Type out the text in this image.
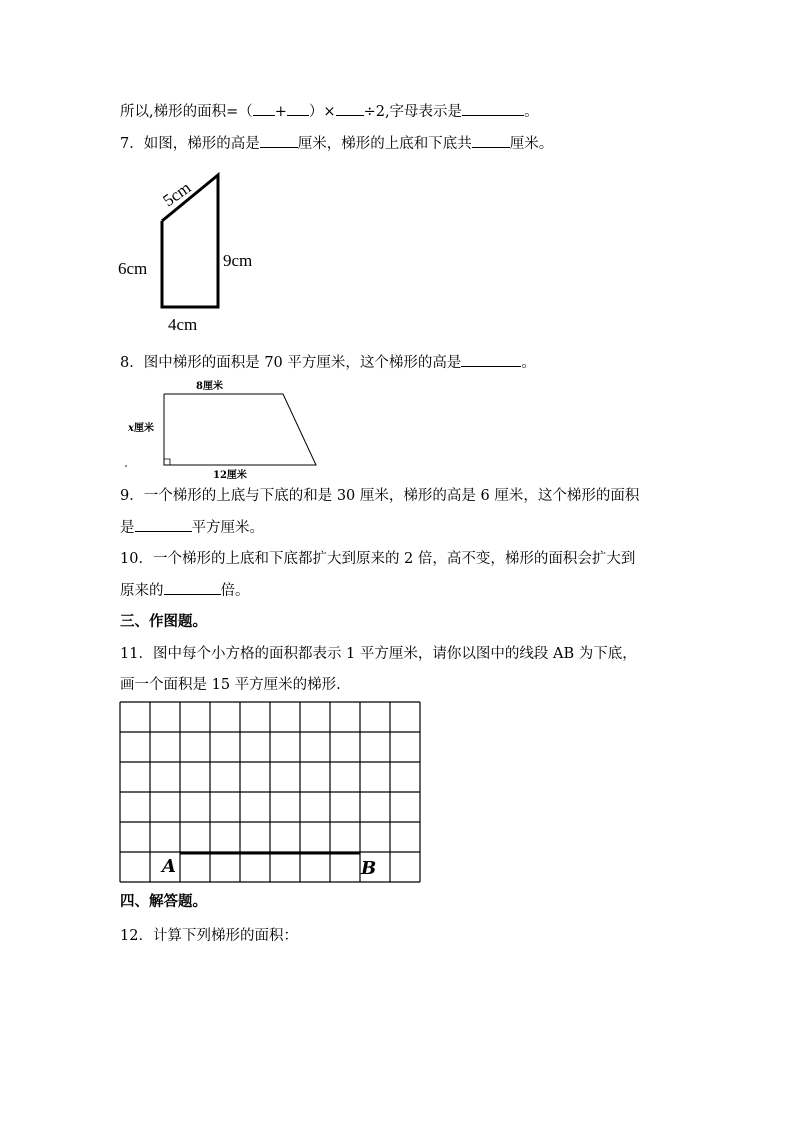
所以,梯形的面积=（ + ）× ÷2,字母表示是	。
7．如图，梯形的高是	厘米，梯形的上底和下底共	厘米。
5cm
6cm	9cm
4cm
8．图中梯形的面积是 70 平方厘米，这个梯形的高是	。
8厘米
x厘米
12厘米
9．一个梯形的上底与下底的和是 30 厘米，梯形的高是 6 厘米，这个梯形的面积
是	平方厘米。
10．一个梯形的上底和下底都扩大到原来的 2 倍，高不变，梯形的面积会扩大到
原来的	倍。
三、作图题。
11．图中每个小方格的面积都表示 1 平方厘米，请你以图中的线段 AB 为下底，
画一个面积是 15 平方厘米的梯形.
A	B
四、解答题。
12．计算下列梯形的面积：
